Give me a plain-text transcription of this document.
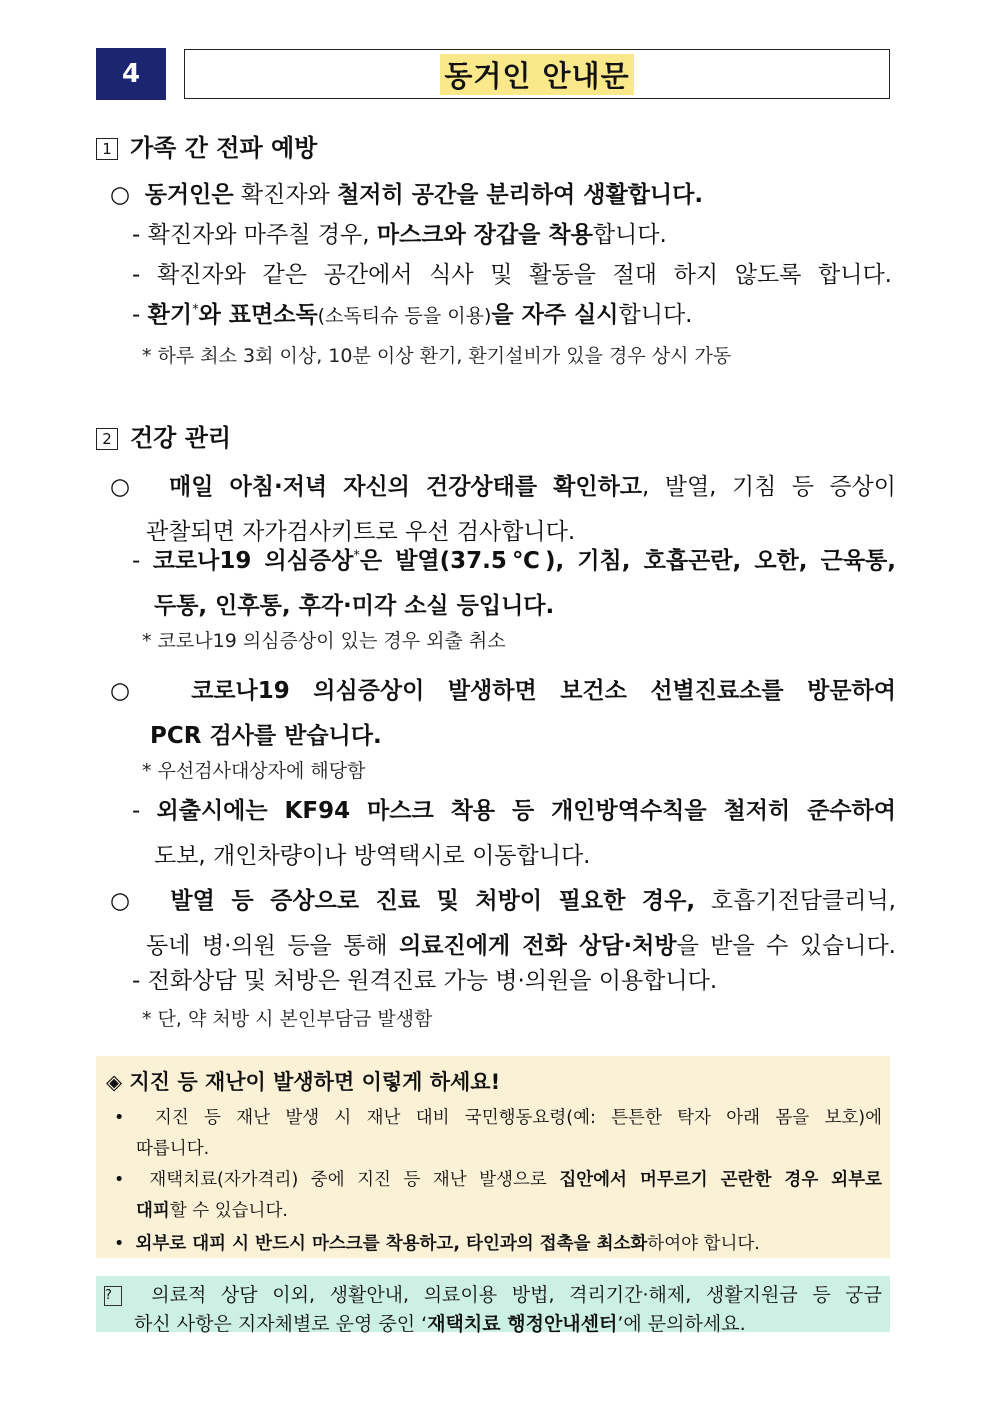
4	동거인 안내문
1 가족 간 전파 예방
○ 동거인은 확진자와 철저히 공간을 분리하여 생활합니다.
- 확진자와 마주칠 경우, 마스크와 장갑을 착용합니다.
- 확진자와 같은 공간에서 식사 및 활동을 절대 하지 않도록 합니다.
- 환기*와 표면소독(소독티슈 등을 이용)을 자주 실시합니다.
* 하루 최소 3회 이상, 10분 이상 환기, 환기설비가 있을 경우 상시 가동
2 건강 관리
○ 매일 아침·저녁 자신의 건강상태를 확인하고, 발열, 기침 등 증상이
관찰되면 자가검사키트로 우선 검사합니다.
- 코로나19 의심증상*은 발열(37.5℃), 기침, 호흡곤란, 오한, 근육통,
두통, 인후통, 후각·미각 소실 등입니다.
* 코로나19 의심증상이 있는 경우 외출 취소
○ 코로나19 의심증상이 발생하면 보건소 선별진료소를 방문하여
PCR 검사를 받습니다.
* 우선검사대상자에 해당함
- 외출시에는 KF94 마스크 착용 등 개인방역수칙을 철저히 준수하여
도보, 개인차량이나 방역택시로 이동합니다.
○ 발열 등 증상으로 진료 및 처방이 필요한 경우, 호흡기전담클리닉,
동네 병·의원 등을 통해 의료진에게 전화 상담·처방을 받을 수 있습니다.
- 전화상담 및 처방은 원격진료 가능 병·의원을 이용합니다.
* 단, 약 처방 시 본인부담금 발생함
◈ 지진 등 재난이 발생하면 이렇게 하세요!
• 지진 등 재난 발생 시 재난 대비 국민행동요령(예: 튼튼한 탁자 아래 몸을 보호)에
따릅니다.
• 재택치료(자가격리) 중에 지진 등 재난 발생으로 집안에서 머무르기 곤란한 경우 외부로
대피할 수 있습니다.
• 외부로 대피 시 반드시 마스크를 착용하고, 타인과의 접촉을 최소화하여야 합니다.
? 의료적 상담 이외, 생활안내, 의료이용 방법, 격리기간·해제, 생활지원금 등 궁금
하신 사항은 지자체별로 운영 중인 ‘재택치료 행정안내센터’에 문의하세요.
